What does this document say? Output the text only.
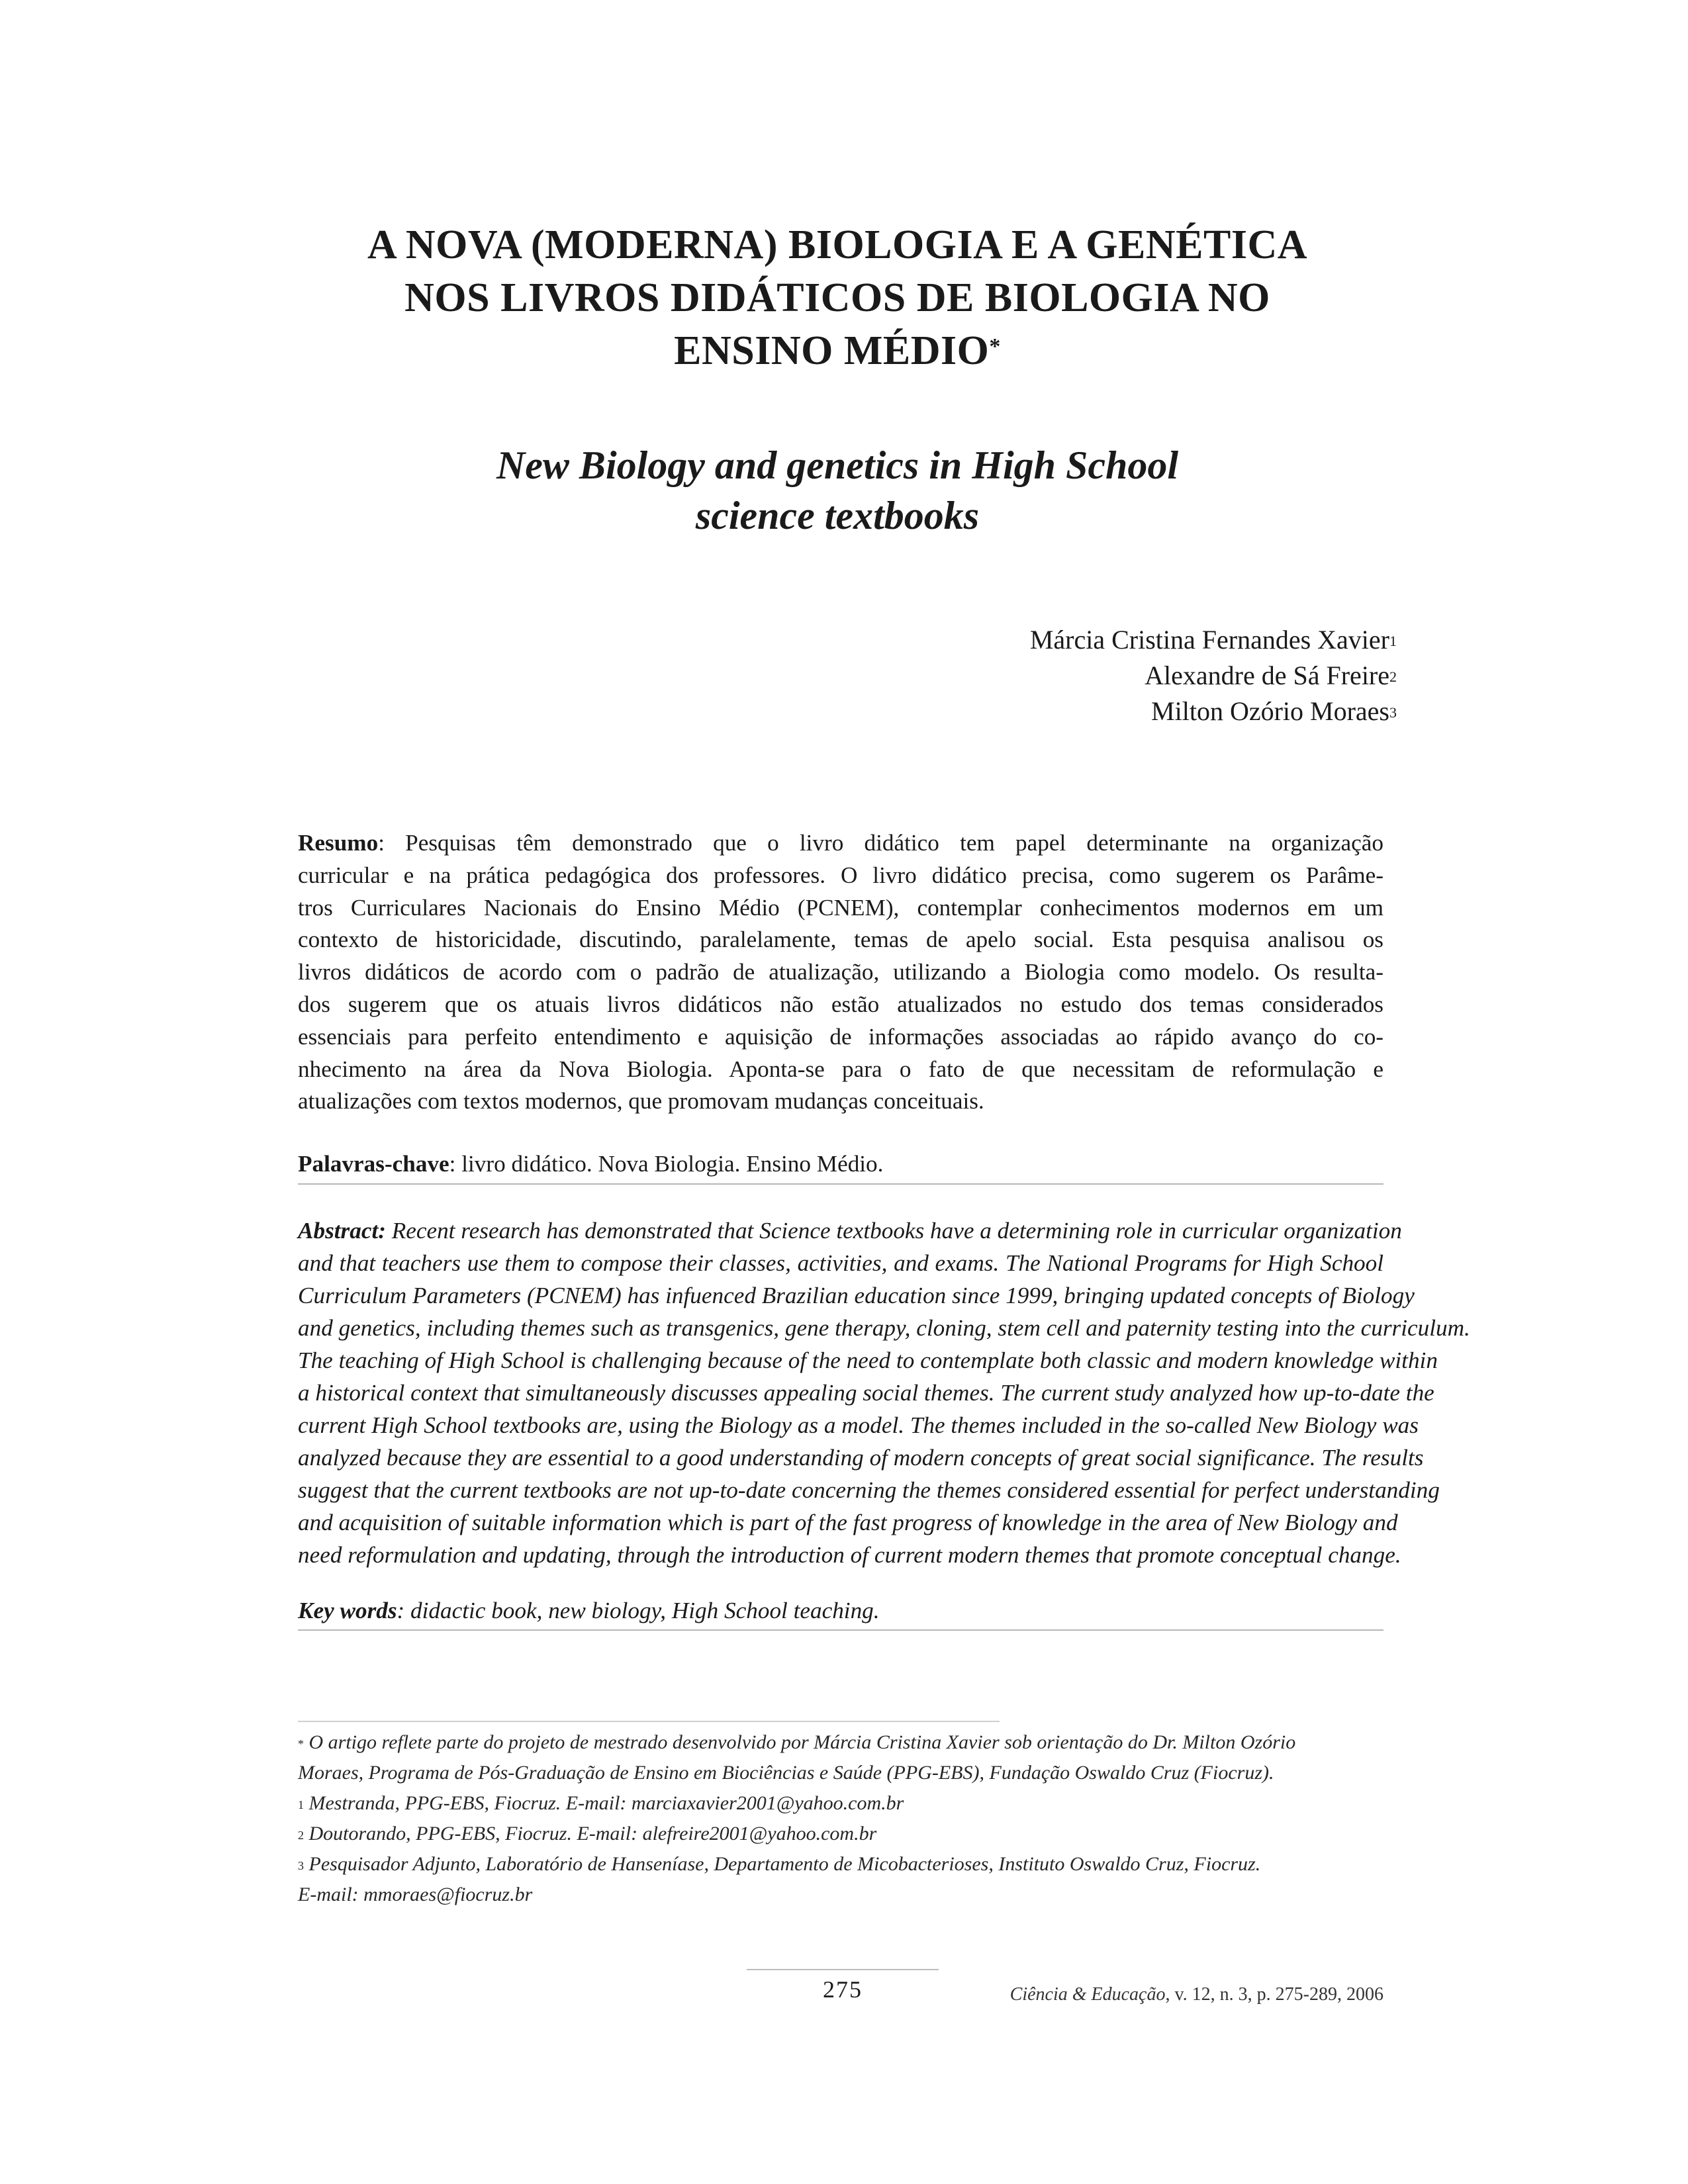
A NOVA (MODERNA) BIOLOGIA E A GENÉTICA
NOS LIVROS DIDÁTICOS DE BIOLOGIA NO
ENSINO MÉDIO*
New Biology and genetics in High School
science textbooks
Márcia Cristina Fernandes Xavier$^1$
Alexandre de Sá Freire$^2$
Milton Ozório Moraes$^3$
Resumo: Pesquisas têm demonstrado que o livro didático tem papel determinante na organização
curricular e na prática pedagógica dos professores. O livro didático precisa, como sugerem os Parâme-
tros Curriculares Nacionais do Ensino Médio (PCNEM), contemplar conhecimentos modernos em um
contexto de historicidade, discutindo, paralelamente, temas de apelo social. Esta pesquisa analisou os
livros didáticos de acordo com o padrão de atualização, utilizando a Biologia como modelo. Os resulta-
dos sugerem que os atuais livros didáticos não estão atualizados no estudo dos temas considerados
essenciais para perfeito entendimento e aquisição de informações associadas ao rápido avanço do co-
nhecimento na área da Nova Biologia. Aponta-se para o fato de que necessitam de reformulação e
atualizações com textos modernos, que promovam mudanças conceituais.
Palavras-chave: livro didático. Nova Biologia. Ensino Médio.
Abstract: Recent research has demonstrated that Science textbooks have a determining role in curricular organization
and that teachers use them to compose their classes, activities, and exams. The National Programs for High School
Curriculum Parameters (PCNEM) has infuenced Brazilian education since 1999, bringing updated concepts of Biology
and genetics, including themes such as transgenics, gene therapy, cloning, stem cell and paternity testing into the curriculum.
The teaching of High School is challenging because of the need to contemplate both classic and modern knowledge within
a historical context that simultaneously discusses appealing social themes. The current study analyzed how up-to-date the
current High School textbooks are, using the Biology as a model. The themes included in the so-called New Biology was
analyzed because they are essential to a good understanding of modern concepts of great social significance. The results
suggest that the current textbooks are not up-to-date concerning the themes considered essential for perfect understanding
and acquisition of suitable information which is part of the fast progress of knowledge in the area of New Biology and
need reformulation and updating, through the introduction of current modern themes that promote conceptual change.
Key words: didactic book, new biology, High School teaching.
* O artigo reflete parte do projeto de mestrado desenvolvido por Márcia Cristina Xavier sob orientação do Dr. Milton Ozório
Moraes, Programa de Pós-Graduação de Ensino em Biociências e Saúde (PPG-EBS), Fundação Oswaldo Cruz (Fiocruz).
$^1$ Mestranda, PPG-EBS, Fiocruz. E-mail: marciaxavier2001@yahoo.com.br
$^2$ Doutorando, PPG-EBS, Fiocruz. E-mail: alefreire2001@yahoo.com.br
$^3$ Pesquisador Adjunto, Laboratório de Hanseníase, Departamento de Micobacterioses, Instituto Oswaldo Cruz, Fiocruz.
E-mail: mmoraes@fiocruz.br
275	Ciência & Educação, v. 12, n. 3, p. 275-289, 2006
